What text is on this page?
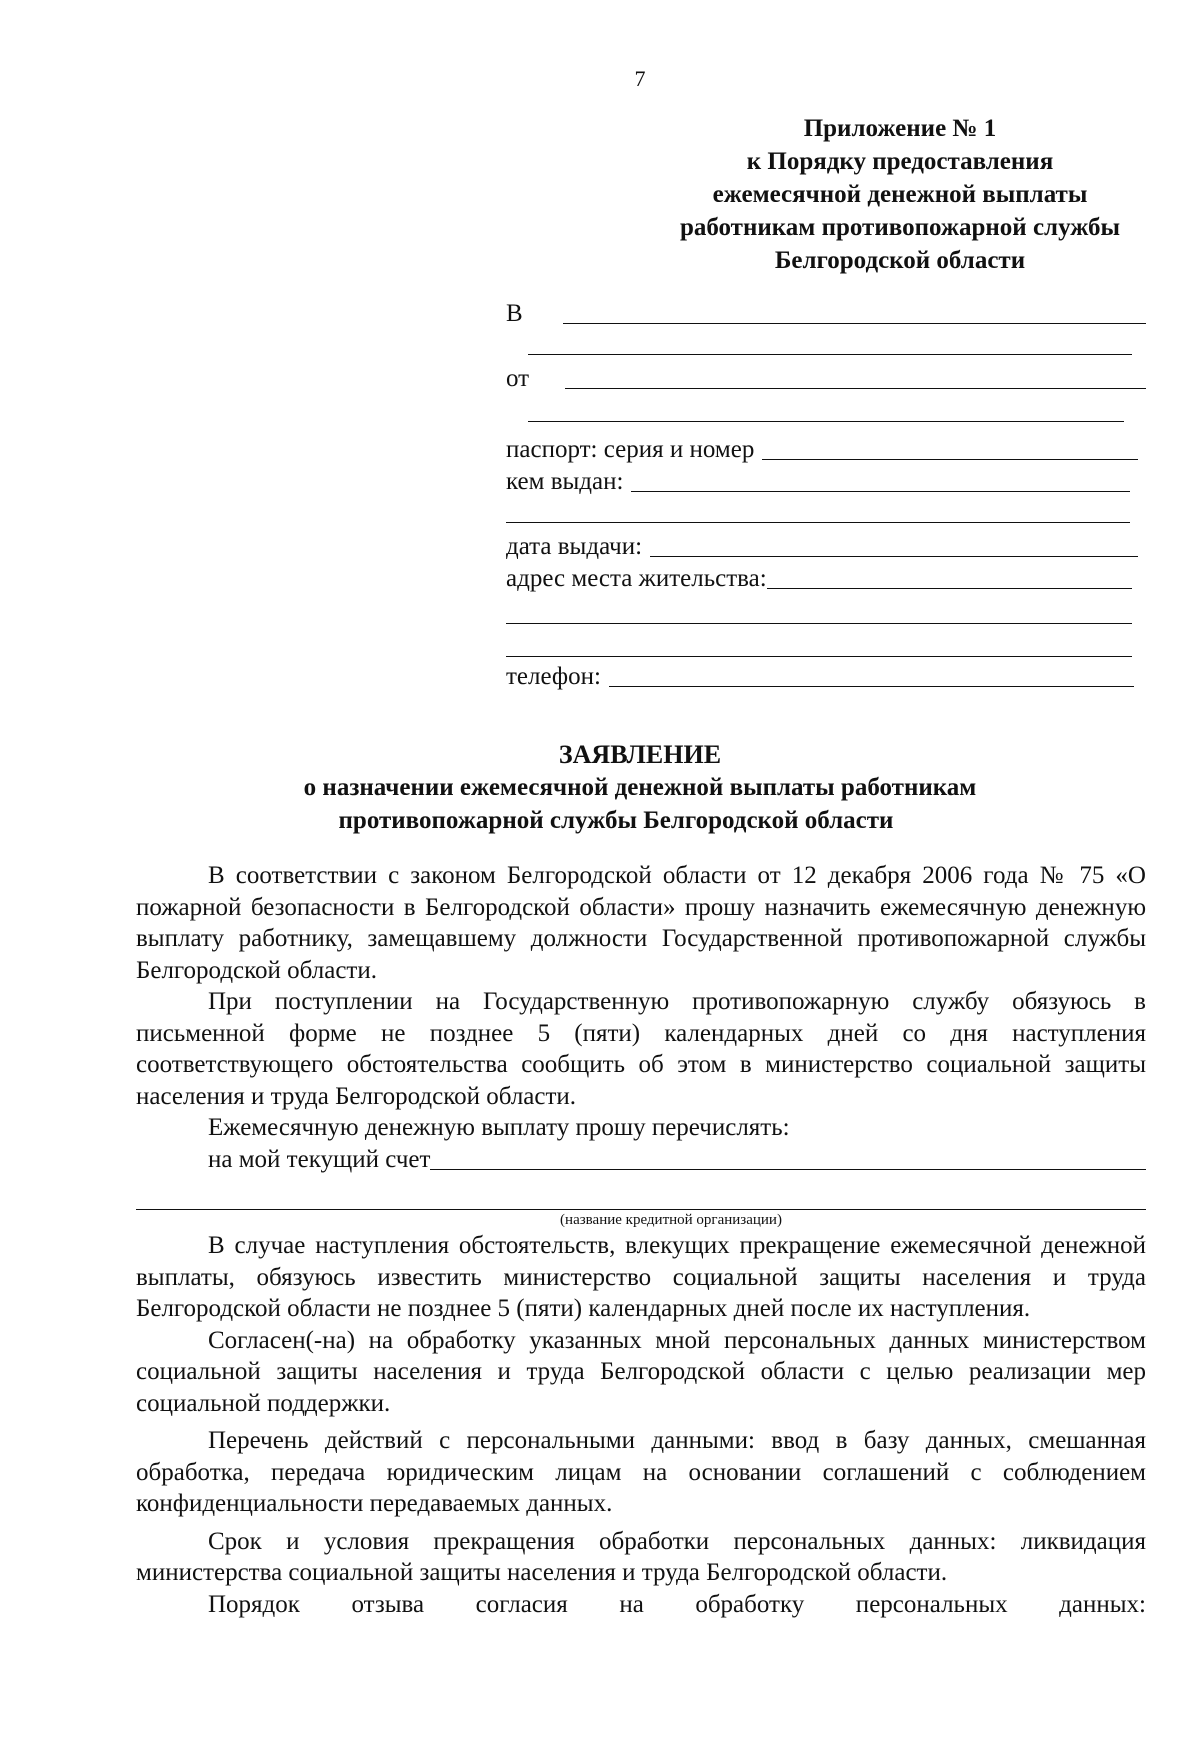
7
Приложение № 1
к Порядку предоставления
ежемесячной денежной выплаты
работникам противопожарной службы
Белгородской области
В
от
паспорт: серия и номер
кем выдан:
дата выдачи:
адрес места жительства:
телефон:
ЗАЯВЛЕНИЕ
о назначении ежемесячной денежной выплаты работникам
противопожарной службы Белгородской области

В соответствии с законом Белгородской области от 12 декабря 2006 года № 75 «О пожарной безопасности в Белгородской области» прошу назначить ежемесячную денежную выплату работнику, замещавшему должности Государственной противопожарной службы Белгородской области.

При поступлении на Государственную противопожарную службу обязуюсь в письменной форме не позднее 5 (пяти) календарных дней со дня наступления соответствующего обстоятельства сообщить об этом в министерство социальной защиты населения и труда Белгородской области.

Ежемесячную денежную выплату прошу перечислять:

на мой текущий счет
(название кредитной организации)

В случае наступления обстоятельств, влекущих прекращение ежемесячной денежной выплаты, обязуюсь известить министерство социальной защиты населения и труда Белгородской области не позднее 5 (пяти) календарных дней после их наступления.

Согласен(-на) на обработку указанных мной персональных данных министерством социальной защиты населения и труда Белгородской области с целью реализации мер социальной поддержки.

Перечень действий с персональными данными: ввод в базу данных, смешанная обработка, передача юридическим лицам на основании соглашений с соблюдением конфиденциальности передаваемых данных.

Срок и условия прекращения обработки персональных данных: ликвидация министерства социальной защиты населения и труда Белгородской области.

Порядок отзыва согласия на обработку персональных данных:
